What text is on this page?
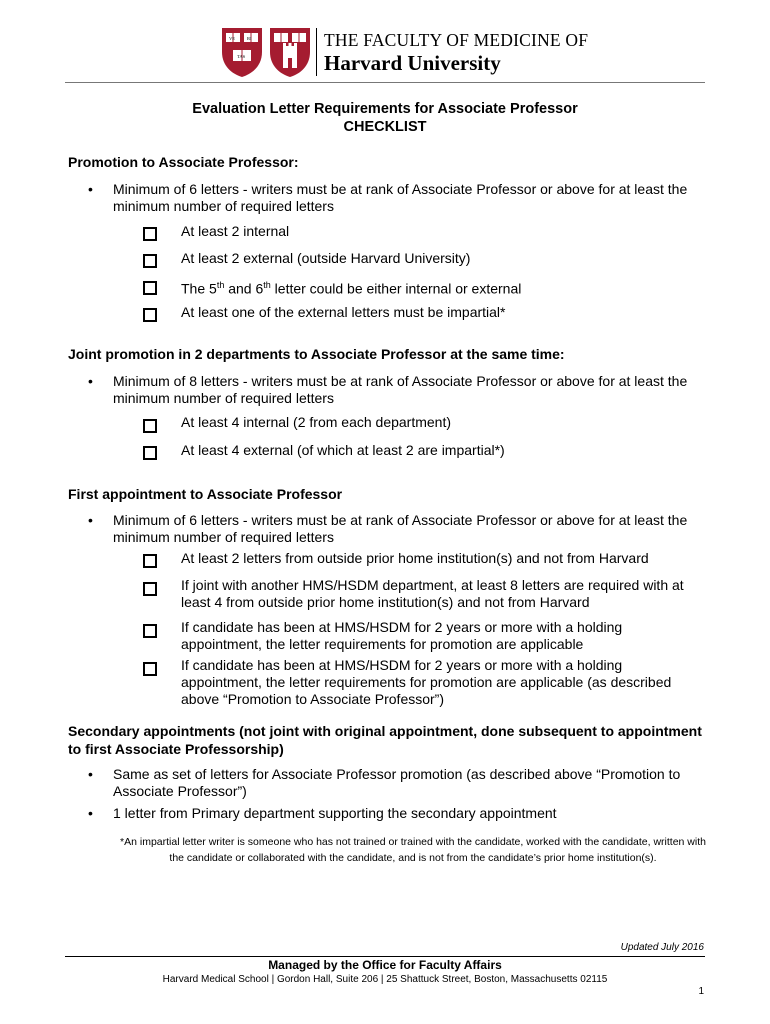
VE	RI
TAS
THE FACULTY OF MEDICINE OF
Harvard University
Evaluation Letter Requirements for Associate Professor
CHECKLIST
Promotion to Associate Professor:
• Minimum of 6 letters - writers must be at rank of Associate Professor or above for at least the minimum number of required letters
At least 2 internal
At least 2 external (outside Harvard University)
The 5th and 6th letter could be either internal or external
At least one of the external letters must be impartial*
Joint promotion in 2 departments to Associate Professor at the same time:
• Minimum of 8 letters - writers must be at rank of Associate Professor or above for at least the minimum number of required letters
At least 4 internal (2 from each department)
At least 4 external (of which at least 2 are impartial*)
First appointment to Associate Professor
• Minimum of 6 letters - writers must be at rank of Associate Professor or above for at least the minimum number of required letters
At least 2 letters from outside prior home institution(s) and not from Harvard
If joint with another HMS/HSDM department, at least 8 letters are required with at least 4 from outside prior home institution(s) and not from Harvard
If candidate has been at HMS/HSDM for 2 years or more with a holding appointment, the letter requirements for promotion are applicable
If candidate has been at HMS/HSDM for 2 years or more with a holding appointment, the letter requirements for promotion are applicable (as described above “Promotion to Associate Professor”)
Secondary appointments (not joint with original appointment, done subsequent to appointment to first Associate Professorship)
• Same as set of letters for Associate Professor promotion (as described above “Promotion to Associate Professor”)
• 1 letter from Primary department supporting the secondary appointment
*An impartial letter writer is someone who has not trained or trained with the candidate, worked with the candidate, written with the candidate or collaborated with the candidate, and is not from the candidate’s prior home institution(s).
Updated July 2016
Managed by the Office for Faculty Affairs
Harvard Medical School | Gordon Hall, Suite 206 | 25 Shattuck Street, Boston, Massachusetts 02115
1
